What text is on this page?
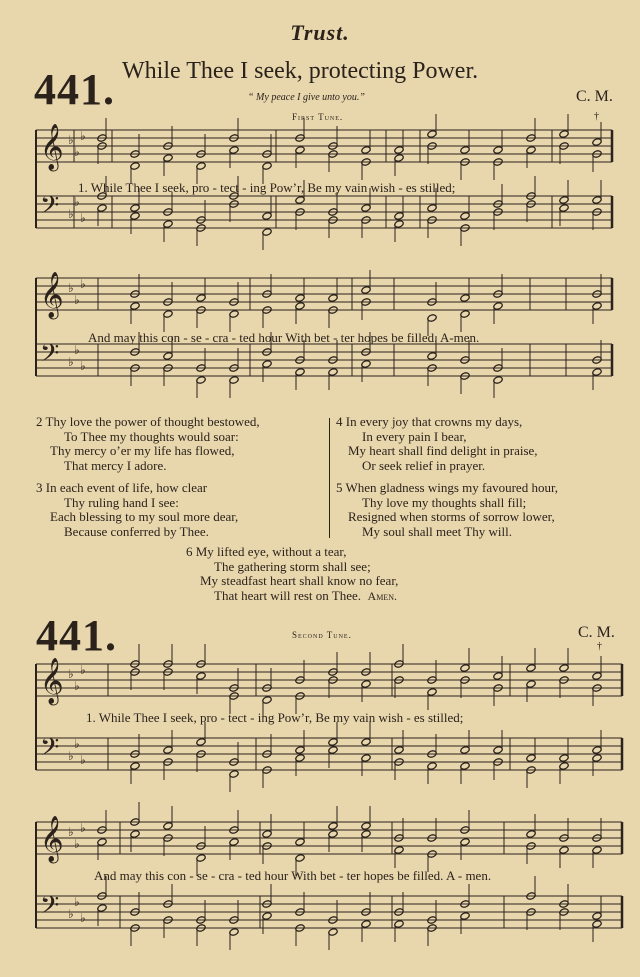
Trust.
441. While Thee I seek, protecting Power.
“ My peace I give unto you.”	C. M.
First Tune.	†
𝄞 ♭
♭
♭
𝄢 ♭
♭
♭
𝄞 ♭
♭
♭
𝄢 ♭
♭
♭
𝄞 ♭
♭
♭
𝄢 ♭
♭
♭
𝄞 ♭
♭
♭
𝄢 ♭
♭
♭
1. While Thee I seek, pro - tect - ing Pow’r, Be my vain wish - es stilled;
And may this con - se - cra - ted hour With bet - ter hopes be filled. A-men.
2 Thy love the power of thought bestowed,
To Thee my thoughts would soar:
Thy mercy o’er my life has flowed,
That mercy I adore.
3 In each event of life, how clear
Thy ruling hand I see:
Each blessing to my soul more dear,
Because conferred by Thee.
4 In every joy that crowns my days,
In every pain I bear,
My heart shall find delight in praise,
Or seek relief in prayer.
5 When gladness wings my favoured hour,
Thy love my thoughts shall fill;
Resigned when storms of sorrow lower,
My soul shall meet Thy will.
6 My lifted eye, without a tear,
The gathering storm shall see;
My steadfast heart shall know no fear,
That heart will rest on Thee. Amen.
441.	Second Tune.	C. M.
†
1. While Thee I seek, pro - tect - ing Pow’r, Be my vain wish - es stilled;
And may this con - se - cra - ted hour With bet - ter hopes be filled. A - men.
